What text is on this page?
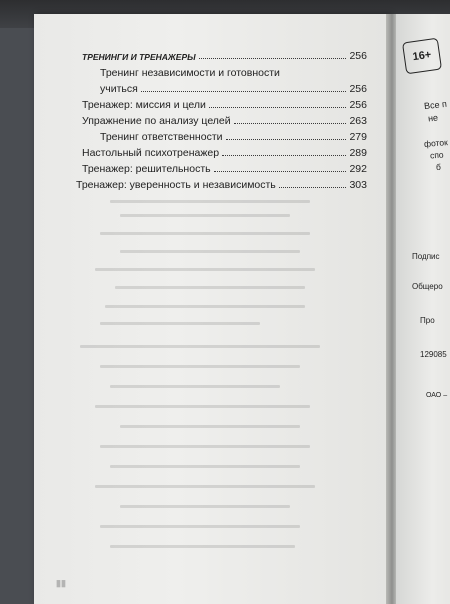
▮▮
ТРЕНИНГИ И ТРЕНАЖЕРЫ	256
Тренинг независимости и готовности
учиться	256
Тренажер: миссия и цели	256
Упражнение по анализу целей	263
Тренинг ответственности	279
Настольный психотренажер	289
Тренажер: решительность	292
Тренажер: уверенность и независимость	303
16+
Все п
не
фоток
спо
б
Подпис
Общеро
Про
129085
ОАО –
